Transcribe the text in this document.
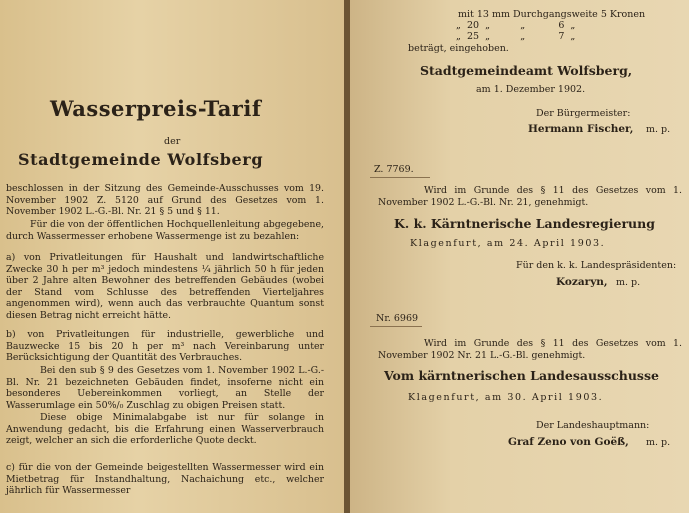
Wasserpreis-Tarif
der
Stadtgemeinde Wolfsberg
beschlossen in der Sitzung des Gemeinde-Ausschusses vom 19. November 1902 Z. 5120 auf Grund des Gesetzes vom 1. November 1902 L.-G.-Bl. Nr. 21 § 5 und § 11.
Für die von der öffentlichen Hochquellenleitung abgegebene, durch Wassermesser erhobene Wassermenge ist zu bezahlen:
a) von Privatleitungen für Haushalt und landwirtschaftliche Zwecke 30 h per m³ jedoch mindestens ¼ jährlich 50 h für jeden über 2 Jahre alten Bewohner des betreffenden Gebäudes (wobei der Stand vom Schlusse des betreffenden Vierteljahres angenommen wird), wenn auch das verbrauchte Quantum sonst diesen Betrag nicht erreicht hätte.
b) von Privatleitungen für industrielle, gewerbliche und Bauzwecke 15 bis 20 h per m³ nach Vereinbarung unter Berücksichtigung der Quantität des Verbrauches.
Bei den sub § 9 des Gesetzes vom 1. November 1902 L.-G.-Bl. Nr. 21 bezeichneten Gebäuden findet, insoferne nicht ein besonderes Uebereinkommen vorliegt, an Stelle der Wasserumlage ein 50%/₀ Zuschlag zu obigen Preisen statt.
Diese obige Minimalabgabe ist nur für solange in Anwendung gedacht, bis die Erfahrung einen Wasserverbrauch zeigt, welcher an sich die erforderliche Quote deckt.
c) für die von der Gemeinde beigestellten Wassermesser wird ein Mietbetrag für Instandhaltung, Nachaichung etc., welcher jährlich für Wassermesser
mit 13 mm Durchgangsweite 5 Kronen
„  20  „          „           6  „
„  25  „          „           7  „
beträgt, eingehoben.
Stadtgemeindeamt Wolfsberg,
am 1. Dezember 1902.
Der Bürgermeister:
Hermann Fischer, m. p.
Z. 7769.
Wird im Grunde des § 11 des Gesetzes vom 1. November 1902 L.-G.-Bl. Nr. 21, genehmigt.
K. k. Kärntnerische Landesregierung
Klagenfurt, am 24. April 1903.
Für den k. k. Landespräsidenten:
Kozaryn, m. p.
Nr. 6969
Wird im Grunde des § 11 des Gesetzes vom 1. November 1902 Nr. 21 L.-G.-Bl. genehmigt.
Vom kärntnerischen Landesausschusse
Klagenfurt, am 30. April 1903.
Der Landeshauptmann:
Graf Zeno von Goëß, m. p.
